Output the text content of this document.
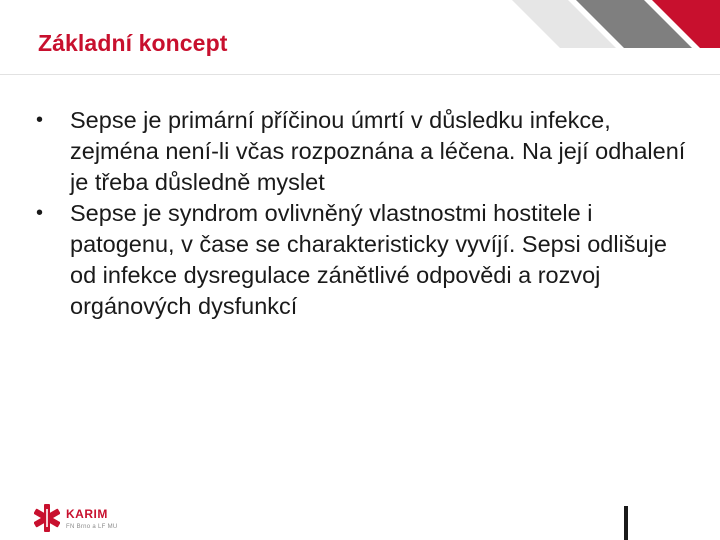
Základní koncept
• Sepse je primární příčinou úmrtí v důsledku infekce, zejména není-li včas rozpoznána a léčena. Na její odhalení je třeba důsledně myslet
• Sepse je syndrom ovlivněný vlastnostmi hostitele i patogenu, v čase se charakteristicky vyvíjí. Sepsi odlišuje od infekce dysregulace zánětlivé odpovědi a rozvoj orgánových dysfunkcí
KARIM
FN Brno a LF MU
